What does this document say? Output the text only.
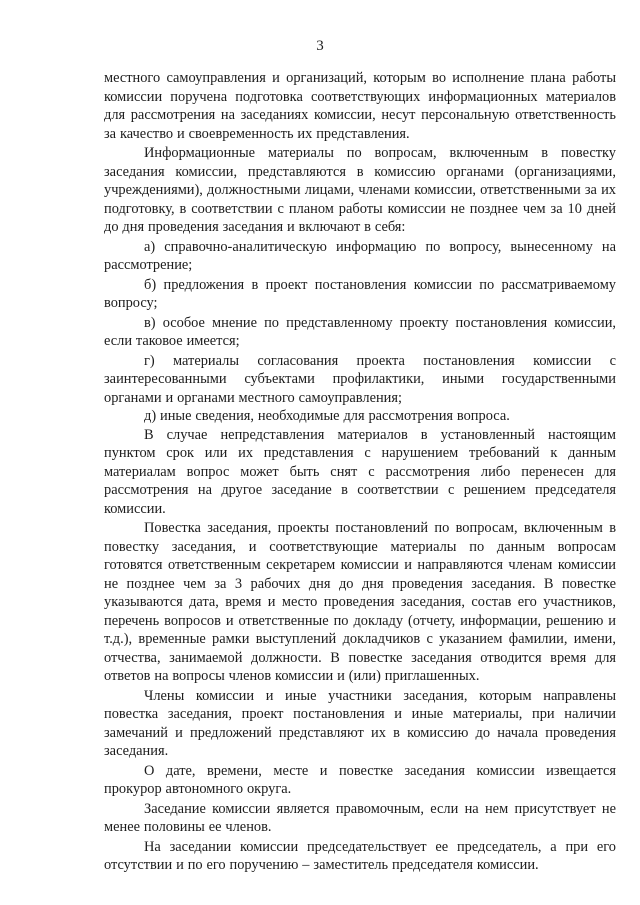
3

местного самоуправления и организаций, которым во исполнение плана работы комиссии поручена подготовка соответствующих информационных материалов для рассмотрения на заседаниях комиссии, несут персональную ответственность за качество и своевременность их представления.

Информационные материалы по вопросам, включенным в повестку заседания комиссии, представляются в комиссию органами (организациями, учреждениями), должностными лицами, членами комиссии, ответственными за их подготовку, в соответствии с планом работы комиссии не позднее чем за 10 дней до дня проведения заседания и включают в себя:

а) справочно-аналитическую информацию по вопросу, вынесенному на рассмотрение;

б) предложения в проект постановления комиссии по рассматриваемому вопросу;

в) особое мнение по представленному проекту постановления комиссии, если таковое имеется;

г) материалы согласования проекта постановления комиссии с заинтересованными субъектами профилактики, иными государственными органами и органами местного самоуправления;

д) иные сведения, необходимые для рассмотрения вопроса.

В случае непредставления материалов в установленный настоящим пунктом срок или их представления с нарушением требований к данным материалам вопрос может быть снят с рассмотрения либо перенесен для рассмотрения на другое заседание в соответствии с решением председателя комиссии.

Повестка заседания, проекты постановлений по вопросам, включенным в повестку заседания, и соответствующие материалы по данным вопросам готовятся ответственным секретарем комиссии и направляются членам комиссии не позднее чем за 3 рабочих дня до дня проведения заседания. В повестке указываются дата, время и место проведения заседания, состав его участников, перечень вопросов и ответственные по докладу (отчету, информации, решению и т.д.), временные рамки выступлений докладчиков с указанием фамилии, имени, отчества, занимаемой должности. В повестке заседания отводится время для ответов на вопросы членов комиссии и (или) приглашенных.

Члены комиссии и иные участники заседания, которым направлены повестка заседания, проект постановления и иные материалы, при наличии замечаний и предложений представляют их в комиссию до начала проведения заседания.

О дате, времени, месте и повестке заседания комиссии извещается прокурор автономного округа.

Заседание комиссии является правомочным, если на нем присутствует не менее половины ее членов.

На заседании комиссии председательствует ее председатель, а при его отсутствии и по его поручению – заместитель председателя комиссии.
